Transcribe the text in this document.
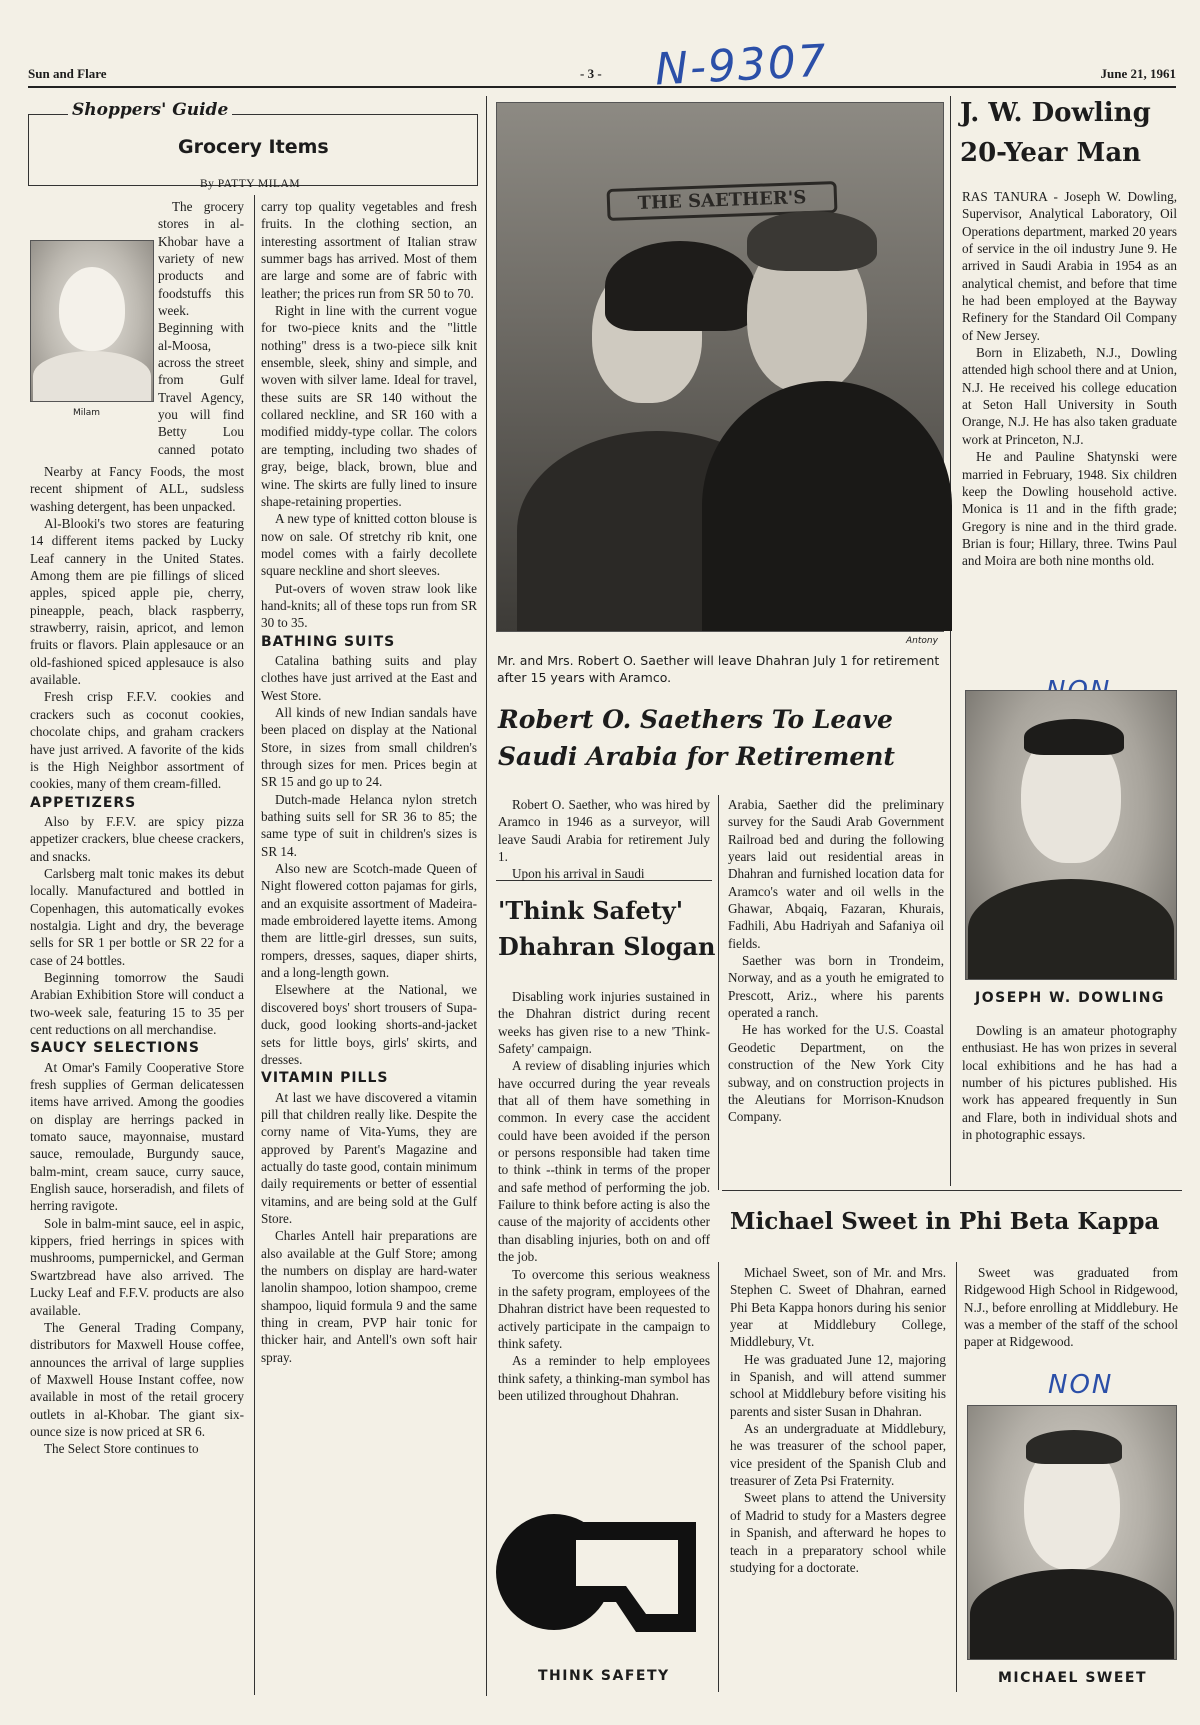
Sun and Flare	- 3 - N-9307	June 21, 1961
Shoppers' Guide
Grocery Items
By PATTY MILAM
Milam

The grocery stores in al-Khobar have a variety of new products and foodstuffs this week. Beginning with al-Moosa, across the street from Gulf Travel Agency, you will find Betty Lou canned potato

Nearby at Fancy Foods, the most recent shipment of ALL, sudsless washing detergent, has been unpacked.

Al-Blooki's two stores are featuring 14 different items packed by Lucky Leaf cannery in the United States. Among them are pie fillings of sliced apples, spiced apple pie, cherry, pineapple, peach, black raspberry, strawberry, raisin, apricot, and lemon fruits or flavors. Plain applesauce or an old-fashioned spiced applesauce is also available.

Fresh crisp F.F.V. cookies and crackers such as coconut cookies, chocolate chips, and graham crackers have just arrived. A favorite of the kids is the High Neighbor assortment of cookies, many of them cream-filled.

APPETIZERS

Also by F.F.V. are spicy pizza appetizer crackers, blue cheese crackers, and snacks.

Carlsberg malt tonic makes its debut locally. Manufactured and bottled in Copenhagen, this automatically evokes nostalgia. Light and dry, the beverage sells for SR 1 per bottle or SR 22 for a case of 24 bottles.

Beginning tomorrow the Saudi Arabian Exhibition Store will conduct a two-week sale, featuring 15 to 35 per cent reductions on all merchandise.

SAUCY SELECTIONS

At Omar's Family Cooperative Store fresh supplies of German delicatessen items have arrived. Among the goodies on display are herrings packed in tomato sauce, mayonnaise, mustard sauce, remoulade, Burgundy sauce, balm-mint, cream sauce, curry sauce, English sauce, horseradish, and filets of herring ravigote.

Sole in balm-mint sauce, eel in aspic, kippers, fried herrings in spices with mushrooms, pumpernickel, and German Swartzbread have also arrived. The Lucky Leaf and F.F.V. products are also available.

The General Trading Company, distributors for Maxwell House coffee, announces the arrival of large supplies of Maxwell House Instant coffee, now available in most of the retail grocery outlets in al-Khobar. The giant six-ounce size is now priced at SR 6.

The Select Store continues to

carry top quality vegetables and fresh fruits. In the clothing section, an interesting assortment of Italian straw summer bags has arrived. Most of them are large and some are of fabric with leather; the prices run from SR 50 to 70.

Right in line with the current vogue for two-piece knits and the "little nothing" dress is a two-piece silk knit ensemble, sleek, shiny and simple, and woven with silver lame. Ideal for travel, these suits are SR 140 without the collared neckline, and SR 160 with a modified middy-type collar. The colors are tempting, including two shades of gray, beige, black, brown, blue and wine. The skirts are fully lined to insure shape-retaining properties.

A new type of knitted cotton blouse is now on sale. Of stretchy rib knit, one model comes with a fairly decollete square neckline and short sleeves.

Put-overs of woven straw look like hand-knits; all of these tops run from SR 30 to 35.

BATHING SUITS

Catalina bathing suits and play clothes have just arrived at the East and West Store.

All kinds of new Indian sandals have been placed on display at the National Store, in sizes from small children's through sizes for men. Prices begin at SR 15 and go up to 24.

Dutch-made Helanca nylon stretch bathing suits sell for SR 36 to 85; the same type of suit in children's sizes is SR 14.

Also new are Scotch-made Queen of Night flowered cotton pajamas for girls, and an exquisite assortment of Madeira-made embroidered layette items. Among them are little-girl dresses, sun suits, rompers, dresses, saques, diaper shirts, and a long-length gown.

Elsewhere at the National, we discovered boys' short trousers of Supa-duck, good looking shorts-and-jacket sets for little boys, girls' skirts, and dresses.

VITAMIN PILLS

At last we have discovered a vitamin pill that children really like. Despite the corny name of Vita-Yums, they are approved by Parent's Magazine and actually do taste good, contain minimum daily requirements or better of essential vitamins, and are being sold at the Gulf Store.

Charles Antell hair preparations are also available at the Gulf Store; among the numbers on display are hard-water lanolin shampoo, lotion shampoo, creme shampoo, liquid formula 9 and the same thing in cream, PVP hair tonic for thicker hair, and Antell's own soft hair spray.

THE SAETHER'S
Antony
Mr. and Mrs. Robert O. Saether will leave Dhahran July 1 for retirement after 15 years with Aramco.
Robert O. Saethers To Leave
Saudi Arabia for Retirement

Robert O. Saether, who was hired by Aramco in 1946 as a surveyor, will leave Saudi Arabia for retirement July 1.

Upon his arrival in Saudi

Arabia, Saether did the preliminary survey for the Saudi Arab Government Railroad bed and during the following years laid out residential areas in Dhahran and furnished location data for Aramco's water and oil wells in the Ghawar, Abqaiq, Fazaran, Khurais, Fadhili, Abu Hadriyah and Safaniya oil fields.

Saether was born in Trondeim, Norway, and as a youth he emigrated to Prescott, Ariz., where his parents operated a ranch.

He has worked for the U.S. Coastal Geodetic Department, on the construction of the New York City subway, and on construction projects in the Aleutians for Morrison-Knudson Company.

'Think Safety'
Dhahran Slogan

Disabling work injuries sustained in the Dhahran district during recent weeks has given rise to a new 'Think-Safety' campaign.

A review of disabling injuries which have occurred during the year reveals that all of them have something in common. In every case the accident could have been avoided if the person or persons responsible had taken time to think --think in terms of the proper and safe method of performing the job. Failure to think before acting is also the cause of the majority of accidents other than disabling injuries, both on and off the job.

To overcome this serious weakness in the safety program, employees of the Dhahran district have been requested to actively participate in the campaign to think safety.

As a reminder to help employees think safety, a thinking-man symbol has been utilized throughout Dhahran.

THINK SAFETY
J. W. Dowling
20-Year Man

RAS TANURA - Joseph W. Dowling, Supervisor, Analytical Laboratory, Oil Operations department, marked 20 years of service in the oil industry June 9. He arrived in Saudi Arabia in 1954 as an analytical chemist, and before that time he had been employed at the Bayway Refinery for the Standard Oil Company of New Jersey.

Born in Elizabeth, N.J., Dowling attended high school there and at Union, N.J. He received his college education at Seton Hall University in South Orange, N.J. He has also taken graduate work at Princeton, N.J.

He and Pauline Shatynski were married in February, 1948. Six children keep the Dowling household active. Monica is 11 and in the fifth grade; Gregory is nine and in the third grade. Brian is four; Hillary, three. Twins Paul and Moira are both nine months old.

JOSEPH W. DOWLING

Dowling is an amateur photography enthusiast. He has won prizes in several local exhibitions and he has had a number of his pictures published. His work has appeared frequently in Sun and Flare, both in individual shots and in photographic essays.

Michael Sweet in Phi Beta Kappa

Michael Sweet, son of Mr. and Mrs. Stephen C. Sweet of Dhahran, earned Phi Beta Kappa honors during his senior year at Middlebury College, Middlebury, Vt.

He was graduated June 12, majoring in Spanish, and will attend summer school at Middlebury before visiting his parents and sister Susan in Dhahran.

As an undergraduate at Middlebury, he was treasurer of the school paper, vice president of the Spanish Club and treasurer of Zeta Psi Fraternity.

Sweet plans to attend the University of Madrid to study for a Masters degree in Spanish, and afterward he hopes to teach in a preparatory school while studying for a doctorate.

Sweet was graduated from Ridgewood High School in Ridgewood, N.J., before enrolling at Middlebury. He was a member of the staff of the school paper at Ridgewood.

NON
MICHAEL SWEET
